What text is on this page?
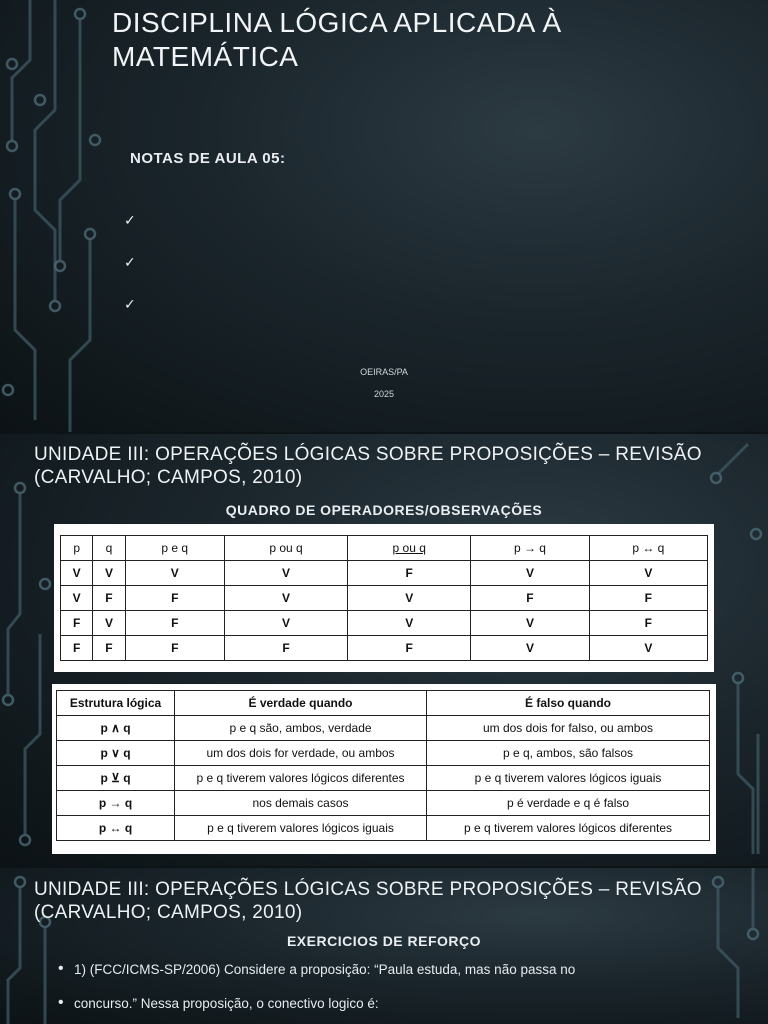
DISCIPLINA LÓGICA APLICADA À MATEMÁTICA
NOTAS DE AULA 05:
✓
✓
✓
OEIRAS/PA
2025
UNIDADE III: OPERAÇÕES LÓGICAS SOBRE PROPOSIÇÕES – REVISÃO (CARVALHO; CAMPOS, 2010)
QUADRO DE OPERADORES/OBSERVAÇÕES
p	q	p e q	p ou q	p ou q	p → q	p ↔ q
V	V	V	V	F	V	V
V	F	F	V	V	F	F
F	V	F	V	V	V	F
F	F	F	F	F	V	V
Estrutura lógica	É verdade quando	É falso quando
p ∧ q	p e q são, ambos, verdade	um dos dois for falso, ou ambos
p ∨ q	um dos dois for verdade, ou ambos	p e q, ambos, são falsos
p ⊻ q	p e q tiverem valores lógicos diferentes	p e q tiverem valores lógicos iguais
p → q	nos demais casos	p é verdade e q é falso
p ↔ q	p e q tiverem valores lógicos iguais	p e q tiverem valores lógicos diferentes
UNIDADE III: OPERAÇÕES LÓGICAS SOBRE PROPOSIÇÕES – REVISÃO (CARVALHO; CAMPOS, 2010)
EXERCICIOS DE REFORÇO
• 1) (FCC/ICMS-SP/2006) Considere a proposição: “Paula estuda, mas não passa no
• concurso.” Nessa proposição, o conectivo logico é:
